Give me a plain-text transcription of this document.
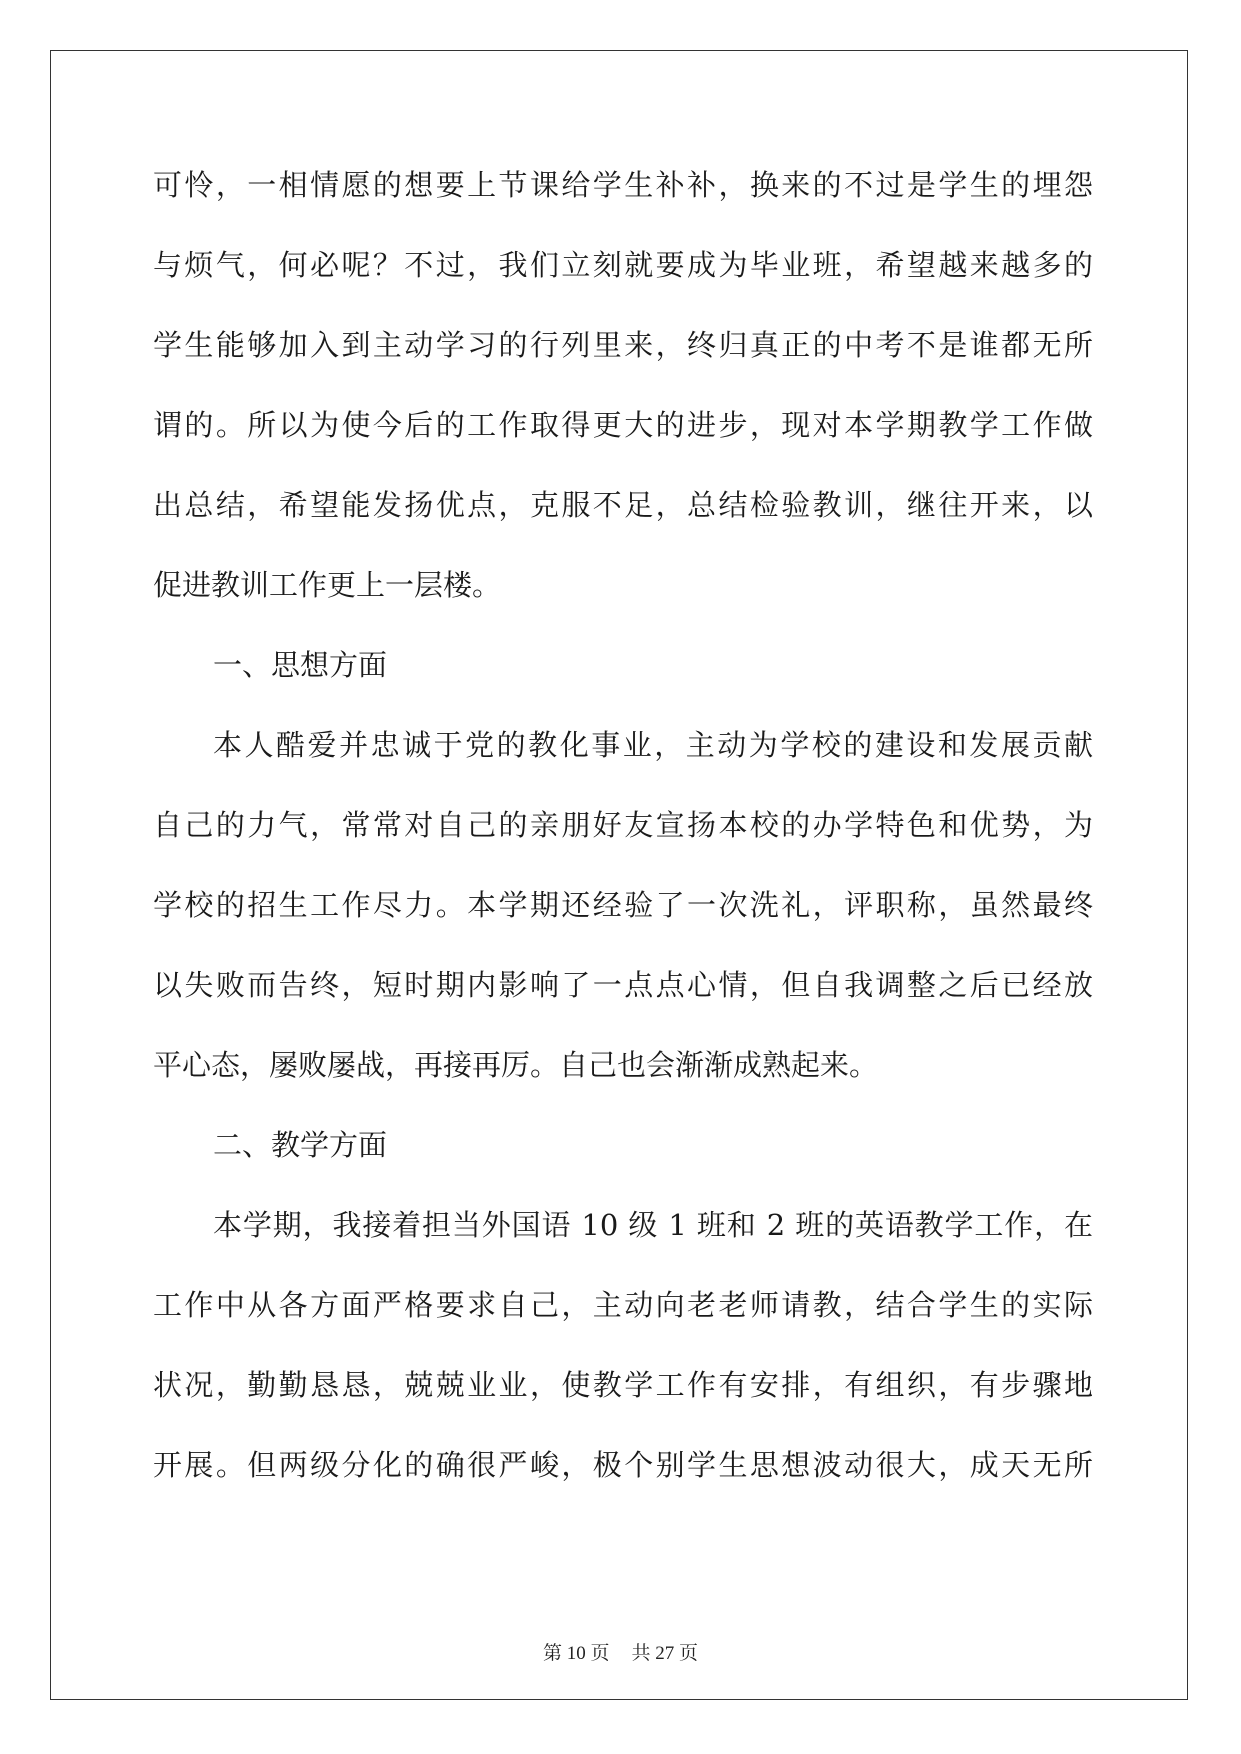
可怜，一相情愿的想要上节课给学生补补，换来的不过是学生的埋怨
与烦气，何必呢？不过，我们立刻就要成为毕业班，希望越来越多的
学生能够加入到主动学习的行列里来，终归真正的中考不是谁都无所
谓的。所以为使今后的工作取得更大的进步，现对本学期教学工作做
出总结，希望能发扬优点，克服不足，总结检验教训，继往开来，以
促进教训工作更上一层楼。
一、思想方面
本人酷爱并忠诚于党的教化事业，主动为学校的建设和发展贡献
自己的力气，常常对自己的亲朋好友宣扬本校的办学特色和优势，为
学校的招生工作尽力。本学期还经验了一次洗礼，评职称，虽然最终
以失败而告终，短时期内影响了一点点心情，但自我调整之后已经放
平心态，屡败屡战，再接再厉。自己也会渐渐成熟起来。
二、教学方面
本学期，我接着担当外国语 10 级 1 班和 2 班的英语教学工作，在
工作中从各方面严格要求自己，主动向老老师请教，结合学生的实际
状况，勤勤恳恳，兢兢业业，使教学工作有安排，有组织，有步骤地
开展。但两级分化的确很严峻，极个别学生思想波动很大，成天无所
第 10 页 共 27 页
